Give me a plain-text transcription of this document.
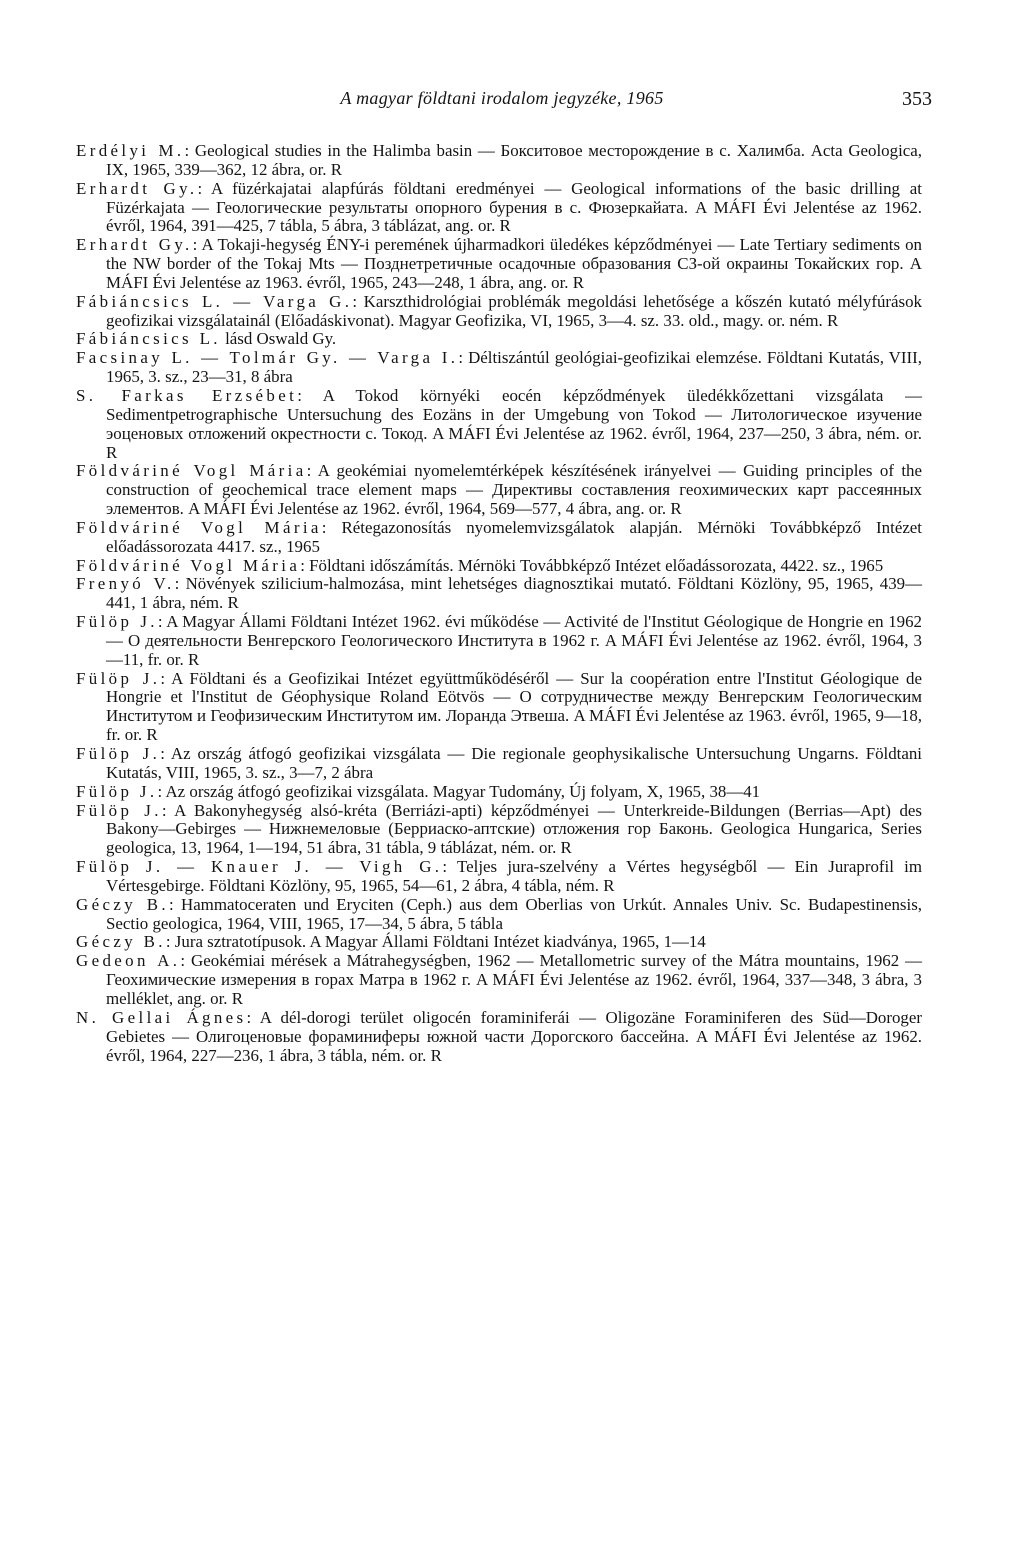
A magyar földtani irodalom jegyzéke, 1965	353

Erdélyi M.: Geological studies in the Halimba basin — Бокситовое месторождение в с. Халимба. Acta Geologica, IX, 1965, 339—362, 12 ábra, or. R

Erhardt Gy.: A füzérkajatai alapfúrás földtani eredményei — Geological informations of the basic drilling at Füzérkajata — Геологические результаты опорного бурения в с. Фюзеркайата. A MÁFI Évi Jelentése az 1962. évről, 1964, 391—425, 7 tábla, 5 ábra, 3 táblázat, ang. or. R

Erhardt Gy.: A Tokaji-hegység ÉNY-i peremének újharmadkori üledékes képződményei — Late Tertiary sediments on the NW border of the Tokaj Mts — Позднетретичные осадочные образования СЗ-ой окраины Токайских гор. A MÁFI Évi Jelentése az 1963. évről, 1965, 243—248, 1 ábra, ang. or. R

Fábiáncsics L. — Varga G.: Karszthidrológiai problémák megoldási lehetősége a kőszén kutató mélyfúrások geofizikai vizsgálatainál (Előadáskivonat). Magyar Geofizika, VI, 1965, 3—4. sz. 33. old., magy. or. ném. R

Fábiáncsics L. lásd Oswald Gy.

Facsinay L. — Tolmár Gy. — Varga I.: Déltiszántúl geológiai-geofizikai elemzése. Földtani Kutatás, VIII, 1965, 3. sz., 23—31, 8 ábra

S. Farkas Erzsébet: A Tokod környéki eocén képződmények üledékkőzettani vizsgálata — Sedimentpetrographische Untersuchung des Eozäns in der Umgebung von Tokod — Литологическое изучение эоценовых отложений окрестности с. Токод. A MÁFI Évi Jelentése az 1962. évről, 1964, 237—250, 3 ábra, ném. or. R

Földváriné Vogl Mária: A geokémiai nyomelemtérképek készítésének irányelvei — Guiding principles of the construction of geochemical trace element maps — Директивы составления геохимических карт рассеянных элементов. A MÁFI Évi Jelentése az 1962. évről, 1964, 569—577, 4 ábra, ang. or. R

Földváriné Vogl Mária: Rétegazonosítás nyomelemvizsgálatok alapján. Mérnöki Továbbképző Intézet előadássorozata 4417. sz., 1965

Földváriné Vogl Mária: Földtani időszámítás. Mérnöki Továbbképző Intézet előadássorozata, 4422. sz., 1965

Frenyó V.: Növények szilicium-halmozása, mint lehetséges diagnosztikai mutató. Földtani Közlöny, 95, 1965, 439—441, 1 ábra, ném. R

Fülöp J.: A Magyar Állami Földtani Intézet 1962. évi működése — Activité de l'Institut Géologique de Hongrie en 1962 — О деятельности Венгерского Геологического Института в 1962 г. A MÁFI Évi Jelentése az 1962. évről, 1964, 3—11, fr. or. R

Fülöp J.: A Földtani és a Geofizikai Intézet együttműködéséről — Sur la coopération entre l'Institut Géologique de Hongrie et l'Institut de Géophysique Roland Eötvös — О сотрудничестве между Венгерским Геологическим Институтом и Геофизическим Институтом им. Лоранда Этвеша. A MÁFI Évi Jelentése az 1963. évről, 1965, 9—18, fr. or. R

Fülöp J.: Az ország átfogó geofizikai vizsgálata — Die regionale geophysikalische Untersuchung Ungarns. Földtani Kutatás, VIII, 1965, 3. sz., 3—7, 2 ábra

Fülöp J.: Az ország átfogó geofizikai vizsgálata. Magyar Tudomány, Új folyam, X, 1965, 38—41

Fülöp J.: A Bakonyhegység alsó-kréta (Berriázi-apti) képződményei — Unterkreide-Bildungen (Berrias—Apt) des Bakony—Gebirges — Нижнемеловые (Берриаско-аптские) отложения гор Баконь. Geologica Hungarica, Series geologica, 13, 1964, 1—194, 51 ábra, 31 tábla, 9 táblázat, ném. or. R

Fülöp J. — Knauer J. — Vigh G.: Teljes jura-szelvény a Vértes hegységből — Ein Juraprofil im Vértesgebirge. Földtani Közlöny, 95, 1965, 54—61, 2 ábra, 4 tábla, ném. R

Géczy B.: Hammatoceraten und Eryciten (Ceph.) aus dem Oberlias von Urkút. Annales Univ. Sc. Budapestinensis, Sectio geologica, 1964, VIII, 1965, 17—34, 5 ábra, 5 tábla

Géczy B.: Jura sztratotípusok. A Magyar Állami Földtani Intézet kiadványa, 1965, 1—14

Gedeon A.: Geokémiai mérések a Mátrahegységben, 1962 — Metallometric survey of the Mátra mountains, 1962 — Геохимические измерения в горах Матра в 1962 г. A MÁFI Évi Jelentése az 1962. évről, 1964, 337—348, 3 ábra, 3 melléklet, ang. or. R

N. Gellai Ágnes: A dél-dorogi terület oligocén foraminiferái — Oligozäne Foraminiferen des Süd—Doroger Gebietes — Олигоценовые фораминиферы южной части Дорогского бассейна. A MÁFI Évi Jelentése az 1962. évről, 1964, 227—236, 1 ábra, 3 tábla, ném. or. R
